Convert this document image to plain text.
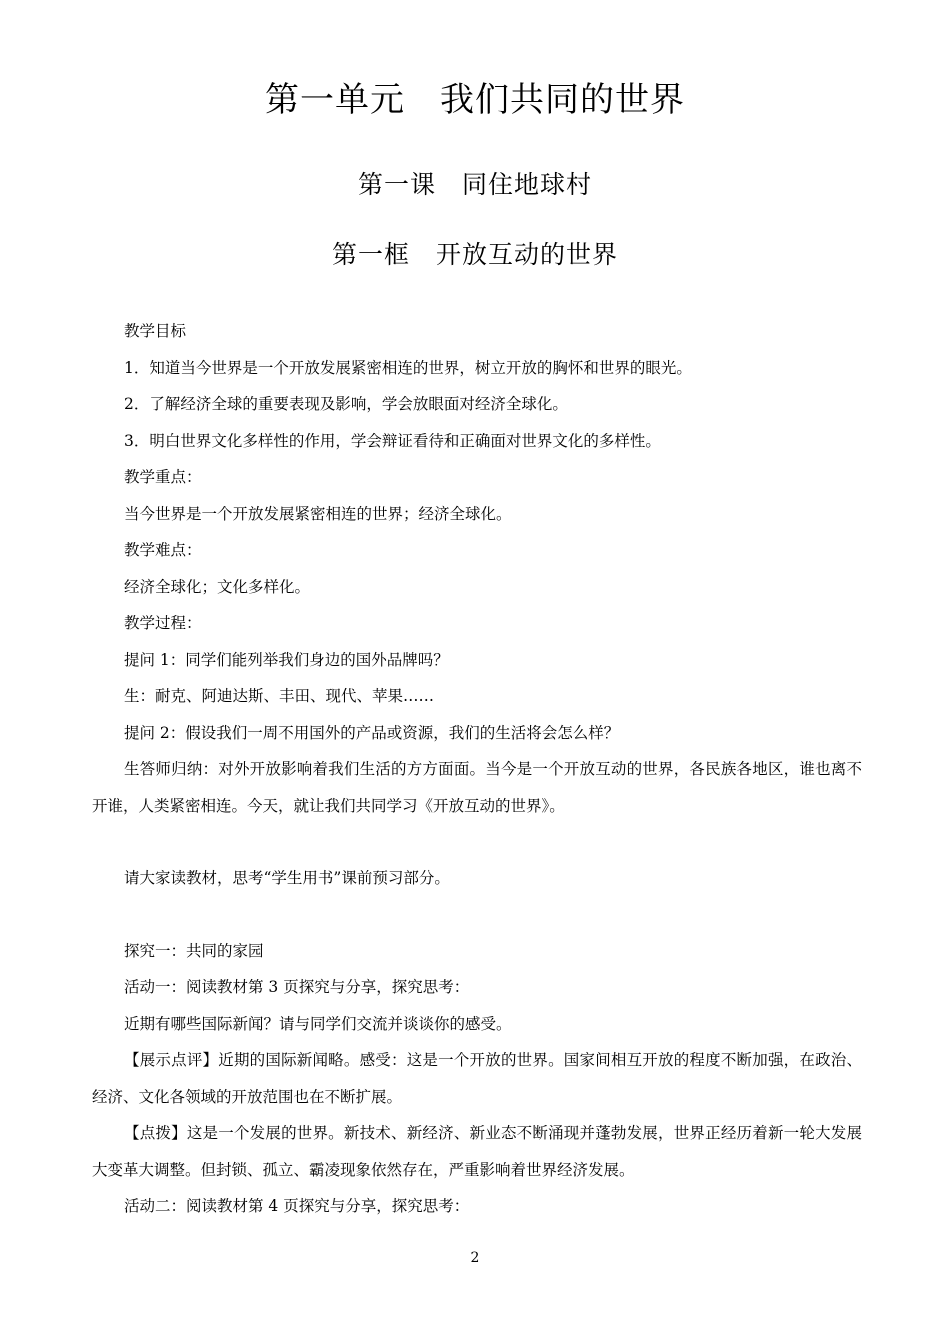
第一单元　我们共同的世界
第一课　同住地球村
第一框　开放互动的世界

教学目标

1．知道当今世界是一个开放发展紧密相连的世界，树立开放的胸怀和世界的眼光。

2．了解经济全球的重要表现及影响，学会放眼面对经济全球化。

3．明白世界文化多样性的作用，学会辩证看待和正确面对世界文化的多样性。

教学重点：

当今世界是一个开放发展紧密相连的世界；经济全球化。

教学难点：

经济全球化；文化多样化。

教学过程：

提问 1：同学们能列举我们身边的国外品牌吗？

生：耐克、阿迪达斯、丰田、现代、苹果……

提问 2：假设我们一周不用国外的产品或资源，我们的生活将会怎么样？

生答师归纳：对外开放影响着我们生活的方方面面。当今是一个开放互动的世界，各民族各地区，谁也离不开谁，人类紧密相连。今天，就让我们共同学习《开放互动的世界》。

请大家读教材，思考“学生用书”课前预习部分。

探究一：共同的家园

活动一：阅读教材第 3 页探究与分享，探究思考：

近期有哪些国际新闻？请与同学们交流并谈谈你的感受。

【展示点评】近期的国际新闻略。感受：这是一个开放的世界。国家间相互开放的程度不断加强，在政治、经济、文化各领域的开放范围也在不断扩展。

【点拨】这是一个发展的世界。新技术、新经济、新业态不断涌现并蓬勃发展，世界正经历着新一轮大发展大变革大调整。但封锁、孤立、霸凌现象依然存在，严重影响着世界经济发展。

活动二：阅读教材第 4 页探究与分享，探究思考：

2
